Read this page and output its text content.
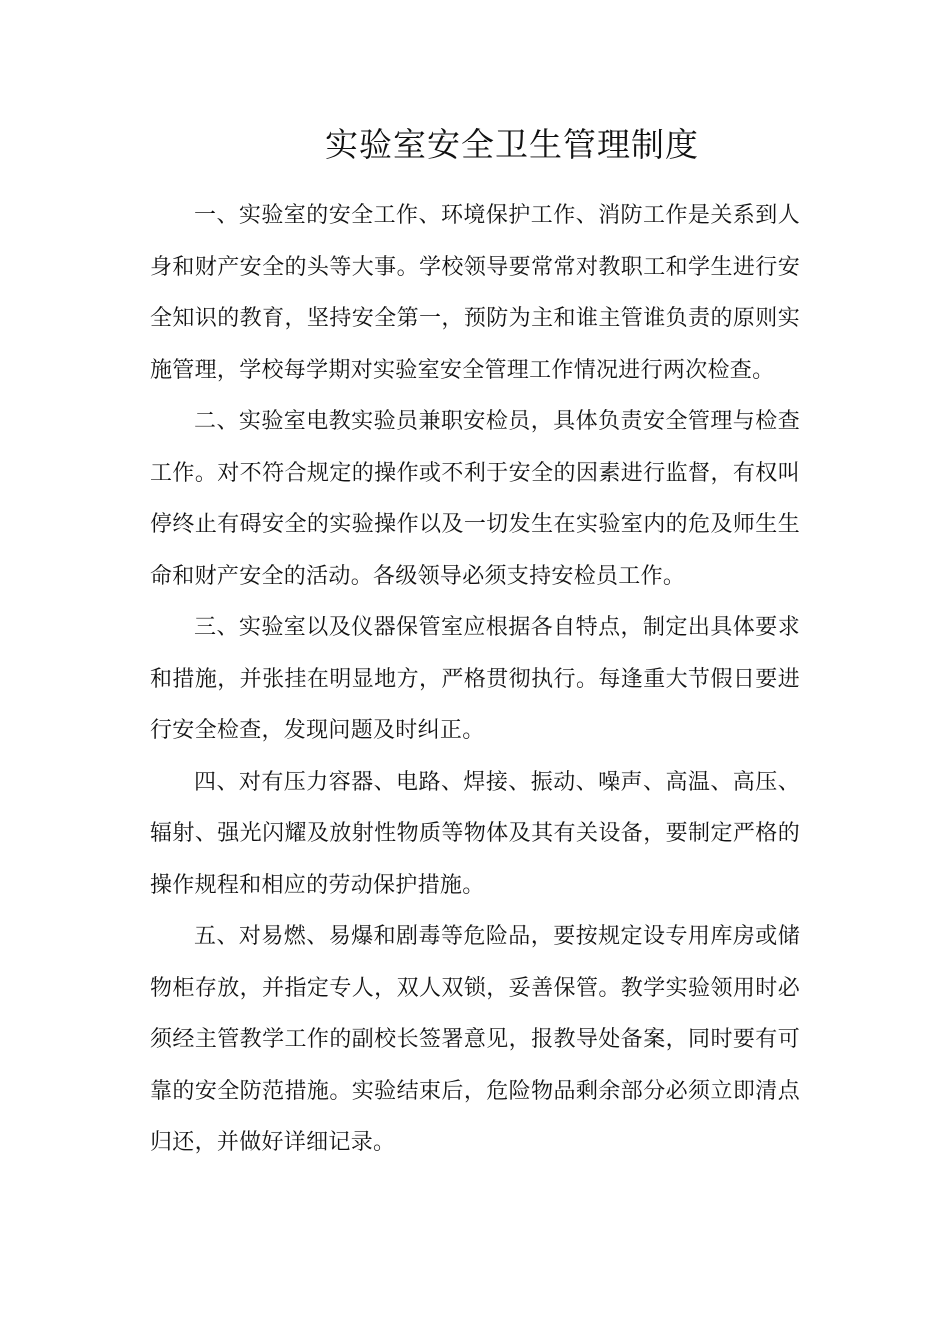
实验室安全卫生管理制度

一、实验室的安全工作、环境保护工作、消防工作是关系到人身和财产安全的头等大事。学校领导要常常对教职工和学生进行安全知识的教育，坚持安全第一，预防为主和谁主管谁负责的原则实施管理，学校每学期对实验室安全管理工作情况进行两次检查。

二、实验室电教实验员兼职安检员，具体负责安全管理与检查工作。对不符合规定的操作或不利于安全的因素进行监督，有权叫停终止有碍安全的实验操作以及一切发生在实验室内的危及师生生命和财产安全的活动。各级领导必须支持安检员工作。

三、实验室以及仪器保管室应根据各自特点，制定出具体要求和措施，并张挂在明显地方，严格贯彻执行。每逢重大节假日要进行安全检查，发现问题及时纠正。

四、对有压力容器、电路、焊接、振动、噪声、高温、高压、辐射、强光闪耀及放射性物质等物体及其有关设备，要制定严格的操作规程和相应的劳动保护措施。

五、对易燃、易爆和剧毒等危险品，要按规定设专用库房或储物柜存放，并指定专人，双人双锁，妥善保管。教学实验领用时必须经主管教学工作的副校长签署意见，报教导处备案，同时要有可靠的安全防范措施。实验结束后，危险物品剩余部分必须立即清点归还，并做好详细记录。
